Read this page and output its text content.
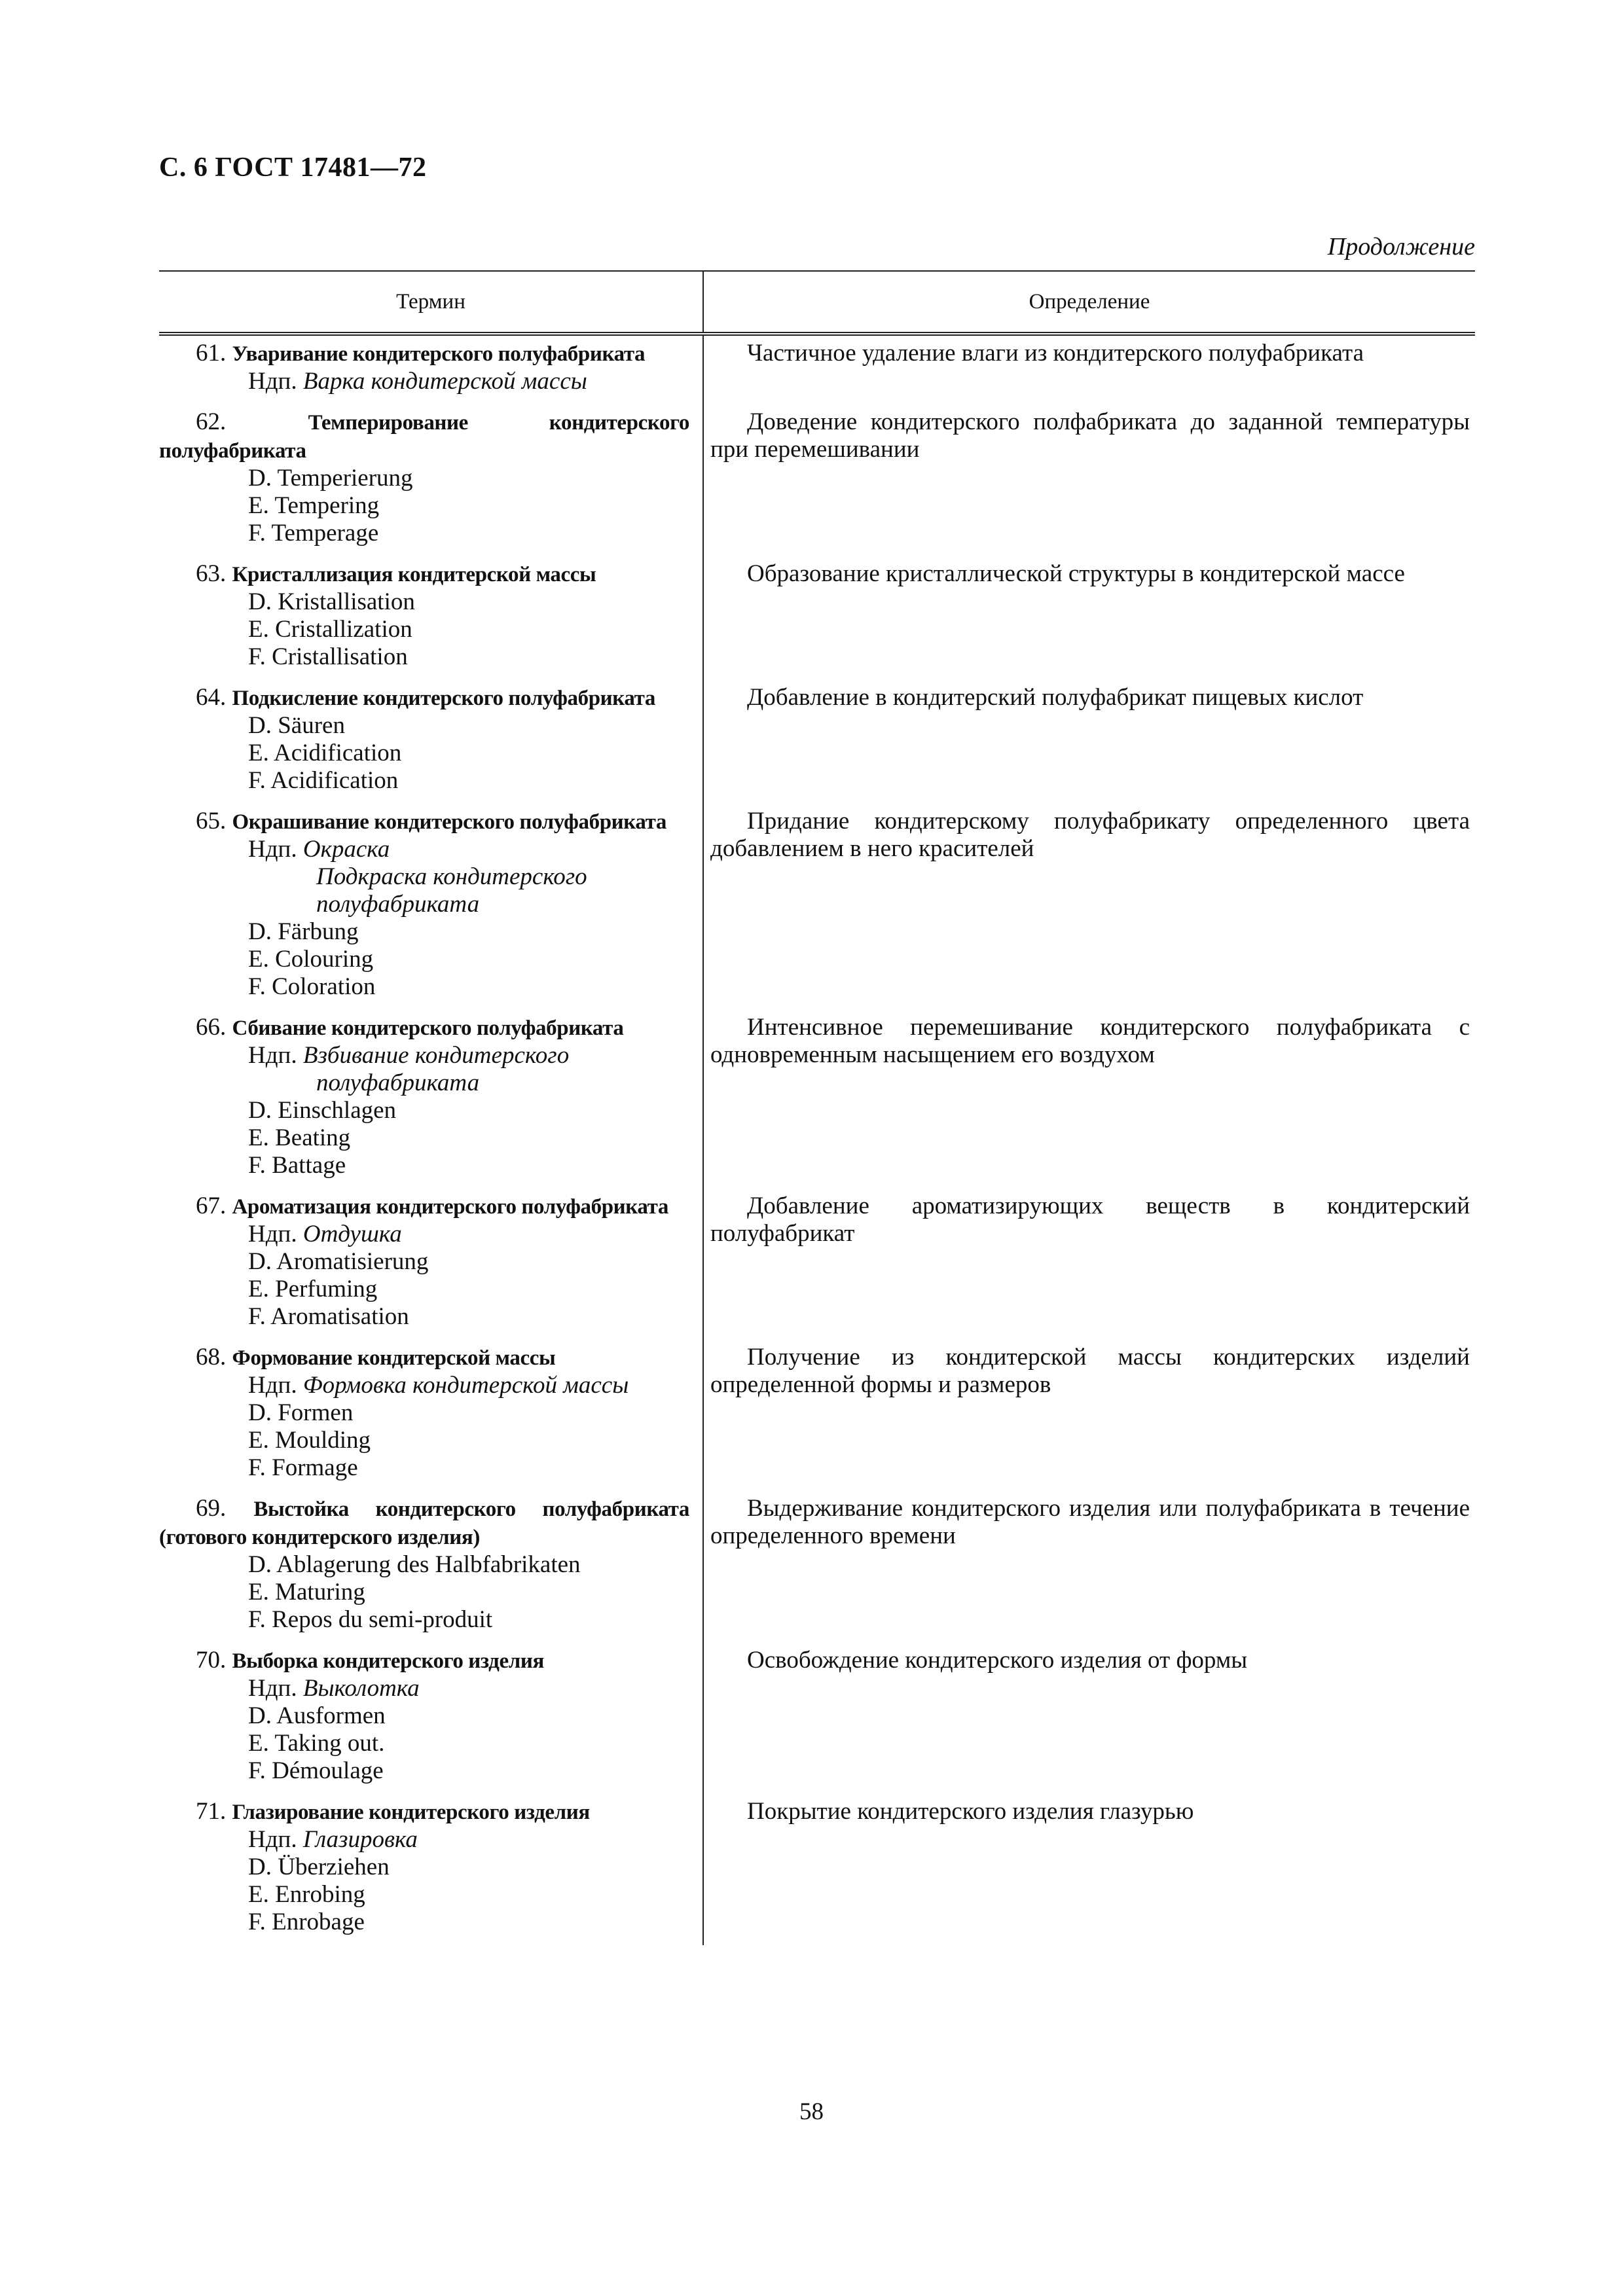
С. 6 ГОСТ 17481—72
Продолжение
Термин	Определение
61. Уваривание кондитерского полуфабриката
Ндп. Варка кондитерской массы
Частичное удаление влаги из кондитерского полуфабриката
62.	Темперирование кондитерского полуфабриката
D. Temperierung
E. Tempering
F. Temperage
Доведение кондитерского полфабриката до заданной температуры при перемешивании
63. Кристаллизация кондитерской массы
D. Kristallisation
E. Cristallization
F. Cristallisation
Образование кристаллической структуры в кондитерской массе
64. Подкисление кондитерского полуфабриката
D. Säuren
E. Acidification
F. Acidification
Добавление в кондитерский полуфабрикат пищевых кислот
65. Окрашивание кондитерского полуфабриката
Ндп. Окраска
Подкраска кондитерского
полуфабриката
D. Färbung
E. Colouring
F. Coloration
Придание кондитерскому полуфабрикату определенного цвета добавлением в него красителей
66. Сбивание кондитерского полуфабриката
Ндп. Взбивание кондитерского
полуфабриката
D. Einschlagen
E. Beating
F. Battage
Интенсивное перемешивание кондитерского полуфабриката с одновременным насыщением его воздухом
67. Ароматизация кондитерского полуфабриката
Ндп. Отдушка
D. Aromatisierung
E. Perfuming
F. Aromatisation
Добавление ароматизирующих веществ в кондитерский полуфабрикат
68. Формование кондитерской массы
Ндп. Формовка кондитерской массы
D. Formen
E. Moulding
F. Formage
Получение из кондитерской массы кондитерских изделий определенной формы и размеров
69. Выстойка кондитерского полуфабриката (готового кондитерского изделия)
D. Ablagerung des Halbfabrikaten
E. Maturing
F. Repos du semi-produit
Выдерживание кондитерского изделия или полуфабриката в течение определенного времени
70. Выборка кондитерского изделия
Ндп. Выколотка
D. Ausformen
E. Taking out.
F. Démoulage
Освобождение кондитерского изделия от формы
71. Глазирование кондитерского изделия
Ндп. Глазировка
D. Überziehen
E. Enrobing
F. Enrobage
Покрытие кондитерского изделия глазурью
58
